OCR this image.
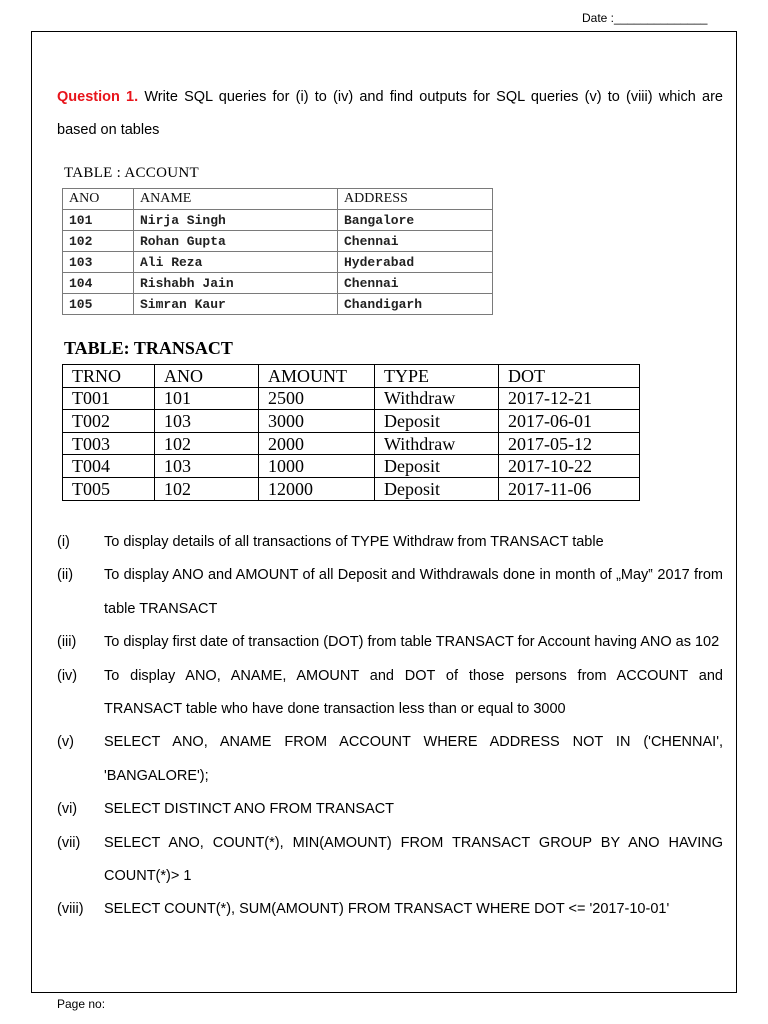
Date :______________
Question 1. Write SQL queries for (i) to (iv) and find outputs for SQL queries (v) to (viii) which are based on tables
TABLE : ACCOUNT
ANO	ANAME	ADDRESS
101	Nirja Singh	Bangalore
102	Rohan Gupta	Chennai
103	Ali Reza	Hyderabad
104	Rishabh Jain	Chennai
105	Simran Kaur	Chandigarh
TABLE: TRANSACT
TRNO	ANO	AMOUNT	TYPE	DOT
T001	101	2500	Withdraw	2017-12-21
T002	103	3000	Deposit	2017-06-01
T003	102	2000	Withdraw	2017-05-12
T004	103	1000	Deposit	2017-10-22
T005	102	12000	Deposit	2017-11-06
(i)	To display details of all transactions of TYPE Withdraw from TRANSACT table
(ii)	To display ANO and AMOUNT of all Deposit and Withdrawals done in month of „May‟ 2017 from table TRANSACT
(iii)	To display first date of transaction (DOT) from table TRANSACT for Account having ANO as 102
(iv)	To display ANO, ANAME, AMOUNT and DOT of those persons from ACCOUNT and TRANSACT table who have done transaction less than or equal to 3000
(v)	SELECT ANO, ANAME FROM ACCOUNT WHERE ADDRESS NOT IN ('CHENNAI', 'BANGALORE');
(vi)	SELECT DISTINCT ANO FROM TRANSACT
(vii)	SELECT ANO, COUNT(*), MIN(AMOUNT) FROM TRANSACT GROUP BY ANO HAVING COUNT(*)> 1
(viii)	SELECT COUNT(*), SUM(AMOUNT) FROM TRANSACT WHERE DOT <= '2017-10-01'
Page no:
